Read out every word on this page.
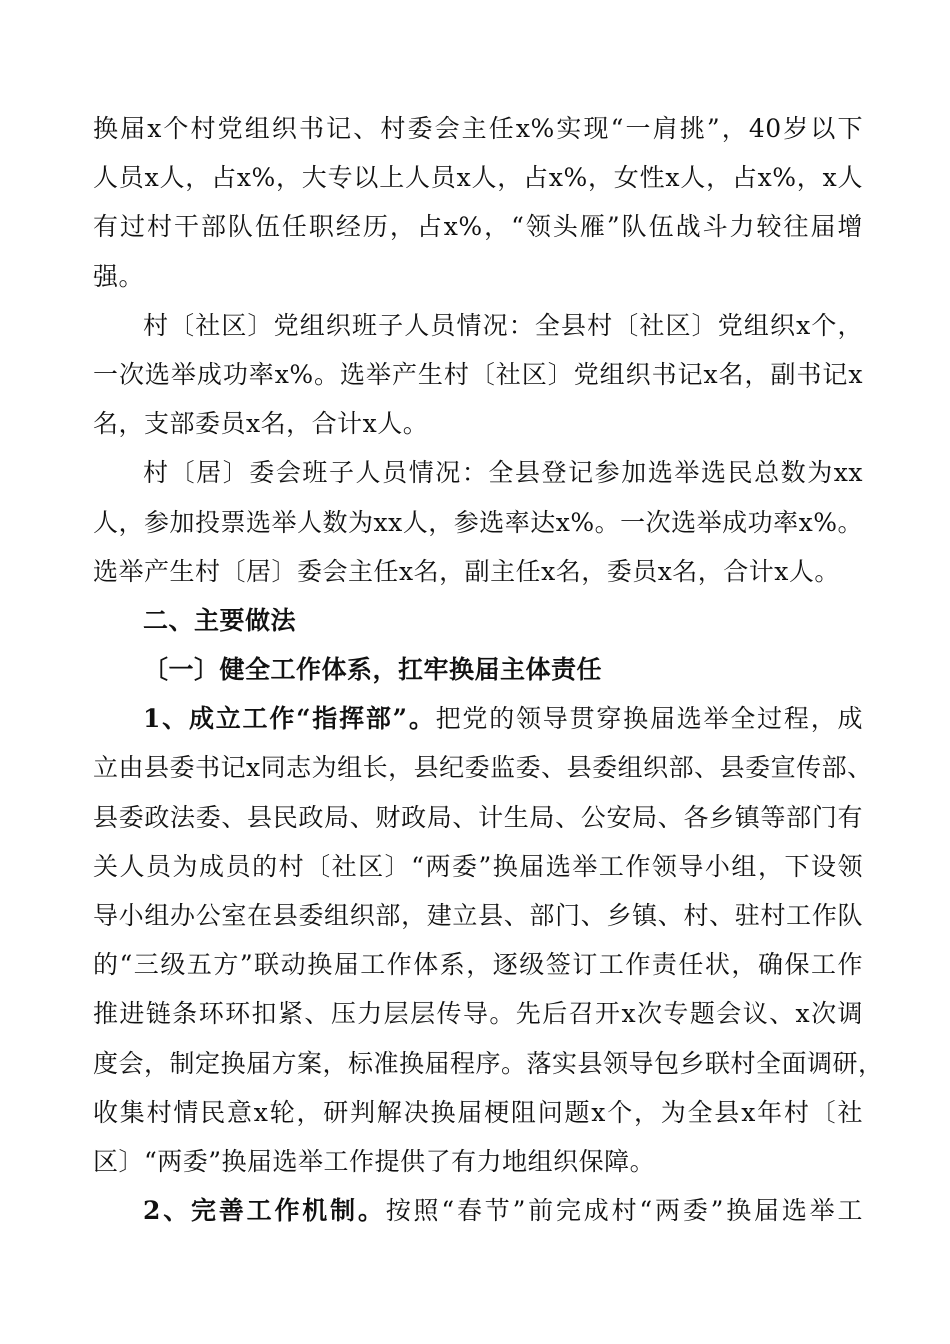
换届x个村党组织书记、村委会主任x%实现“一肩挑”，40岁以下
人员x人，占x%，大专以上人员x人，占x%，女性x人，占x%，x人
有过村干部队伍任职经历，占x%，“领头雁”队伍战斗力较往届增
强。
村〔社区〕党组织班子人员情况：全县村〔社区〕党组织x个，
一次选举成功率x%。选举产生村〔社区〕党组织书记x名，副书记x
名，支部委员x名，合计x人。
村〔居〕委会班子人员情况：全县登记参加选举选民总数为xx
人，参加投票选举人数为xx人，参选率达x%。一次选举成功率x%。
选举产生村〔居〕委会主任x名，副主任x名，委员x名，合计x人。
二、主要做法
〔一〕健全工作体系，扛牢换届主体责任
1、成立工作“指挥部”。把党的领导贯穿换届选举全过程，成
立由县委书记x同志为组长，县纪委监委、县委组织部、县委宣传部、
县委政法委、县民政局、财政局、计生局、公安局、各乡镇等部门有
关人员为成员的村〔社区〕“两委”换届选举工作领导小组，下设领
导小组办公室在县委组织部，建立县、部门、乡镇、村、驻村工作队
的“三级五方”联动换届工作体系，逐级签订工作责任状，确保工作
推进链条环环扣紧、压力层层传导。先后召开x次专题会议、x次调
度会，制定换届方案，标准换届程序。落实县领导包乡联村全面调研，
收集村情民意x轮，研判解决换届梗阻问题x个，为全县x年村〔社
区〕“两委”换届选举工作提供了有力地组织保障。
2、完善工作机制。按照“春节”前完成村“两委”换届选举工
